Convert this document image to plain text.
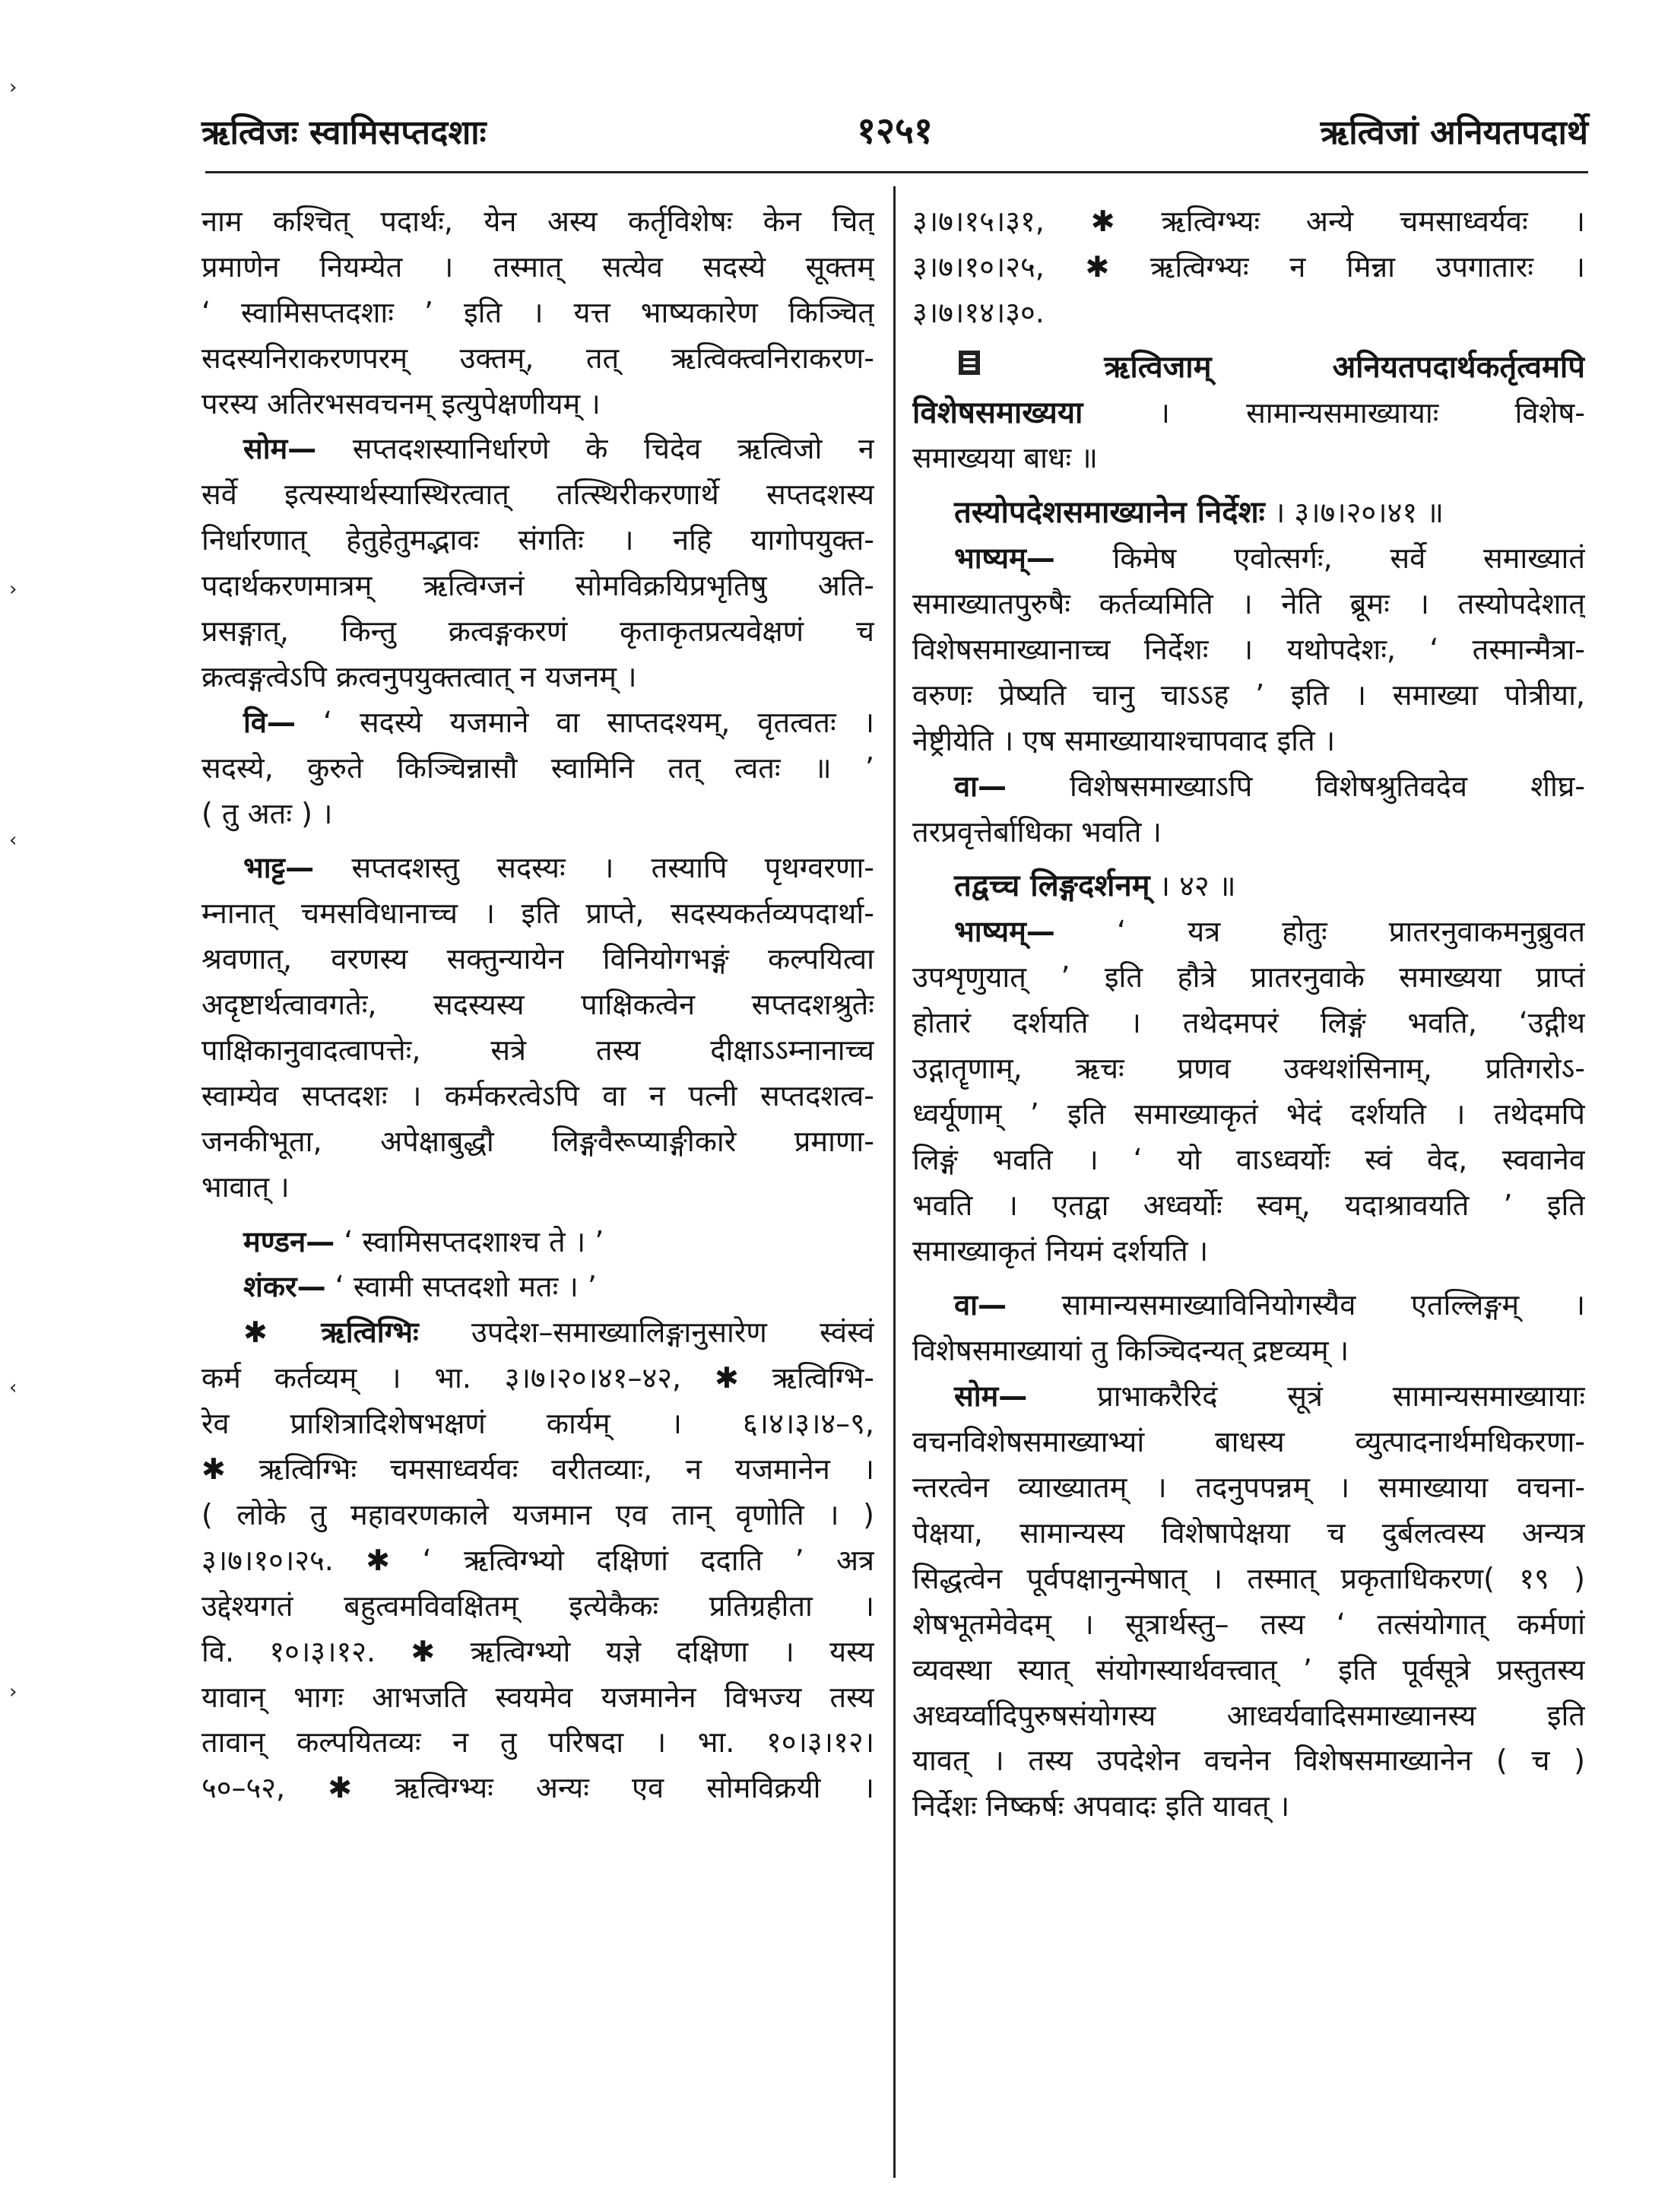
ऋत्विजः स्वामिसप्तदशाः	१२५१	ऋत्विजां अनियतपदार्थे
›
›
‹
‹
›
नाम कश्चित् पदार्थः, येन अस्य कर्तृविशेषः केन चित्
प्रमाणेन नियम्येत । तस्मात् सत्येव सदस्ये सूक्तम्
‘ स्वामिसप्तदशाः ’ इति । यत्त भाष्यकारेण किञ्चित्
सदस्यनिराकरणपरम् उक्तम्, तत् ऋत्विक्त्वनिराकरण-
परस्य अतिरभसवचनम् इत्युपेक्षणीयम् ।
सोम— सप्तदशस्यानिर्धारणे के चिदेव ऋत्विजो न
सर्वे इत्यस्यार्थस्यास्थिरत्वात् तत्स्थिरीकरणार्थे सप्तदशस्य
निर्धारणात् हेतुहेतुमद्भावः संगतिः । नहि यागोपयुक्त-
पदार्थकरणमात्रम् ऋत्विग्जनं सोमविक्रयिप्रभृतिषु अति-
प्रसङ्गात्, किन्तु क्रत्वङ्गकरणं कृताकृतप्रत्यवेक्षणं च
क्रत्वङ्गत्वेऽपि क्रत्वनुपयुक्तत्वात् न यजनम् ।
वि— ‘ सदस्ये यजमाने वा साप्तदश्यम्, वृतत्वतः ।
सदस्ये, कुरुते किञ्चिन्नासौ स्वामिनि तत् त्वतः ॥ ’
( तु अतः ) ।
भाट्ट— सप्तदशस्तु सदस्यः । तस्यापि पृथग्वरणा-
म्नानात् चमसविधानाच्च । इति प्राप्ते, सदस्यकर्तव्यपदार्था-
श्रवणात्, वरणस्य सक्तुन्यायेन विनियोगभङ्गं कल्पयित्वा
अदृष्टार्थत्वावगतेः, सदस्यस्य पाक्षिकत्वेन सप्तदशश्रुतेः
पाक्षिकानुवादत्वापत्तेः, सत्रे तस्य दीक्षाऽऽम्नानाच्च
स्वाम्येव सप्तदशः । कर्मकरत्वेऽपि वा न पत्नी सप्तदशत्व-
जनकीभूता, अपेक्षाबुद्धौ लिङ्गवैरूप्याङ्गीकारे प्रमाणा-
भावात् ।
मण्डन— ‘ स्वामिसप्तदशाश्च ते । ’
शंकर— ‘ स्वामी सप्तदशो मतः । ’
✱ ऋत्विग्भिः उपदेश–समाख्यालिङ्गानुसारेण स्वंस्वं
कर्म कर्तव्यम् । भा. ३।७।२०।४१–४२, ✱ ऋत्विग्भि-
रेव प्राशित्रादिशेषभक्षणं कार्यम् । ६।४।३।४–९,
✱ ऋत्विग्भिः चमसाध्वर्यवः वरीतव्याः, न यजमानेन ।
( लोके तु महावरणकाले यजमान एव तान् वृणोति । )
३।७।१०।२५. ✱ ‘ ऋत्विग्भ्यो दक्षिणां ददाति ’ अत्र
उद्देश्यगतं बहुत्वमविवक्षितम् इत्येकैकः प्रतिग्रहीता ।
वि. १०।३।१२. ✱ ऋत्विग्भ्यो यज्ञे दक्षिणा । यस्य
यावान् भागः आभजति स्वयमेव यजमानेन विभज्य तस्य
तावान् कल्पयितव्यः न तु परिषदा । भा. १०।३।१२।
५०–५२, ✱ ऋत्विग्भ्यः अन्यः एव सोमविक्रयी ।
३।७।१५।३१, ✱ ऋत्विग्भ्यः अन्ये चमसाध्वर्यवः ।
३।७।१०।२५, ✱ ऋत्विग्भ्यः न मिन्ना उपगातारः ।
३।७।१४।३०.
ऋत्विजाम् अनियतपदार्थकर्तृत्वमपि
विशेषसमाख्यया । सामान्यसमाख्यायाः विशेष-
समाख्यया बाधः ॥
तस्योपदेशसमाख्यानेन निर्देशः । ३।७।२०।४१ ॥
भाष्यम्— किमेष एवोत्सर्गः, सर्वे समाख्यातं
समाख्यातपुरुषैः कर्तव्यमिति । नेति ब्रूमः । तस्योपदेशात्
विशेषसमाख्यानाच्च निर्देशः । यथोपदेशः, ‘ तस्मान्मैत्रा-
वरुणः प्रेष्यति चानु चाऽऽह ’ इति । समाख्या पोत्रीया,
नेष्ट्रीयेति । एष समाख्यायाश्चापवाद इति ।
वा— विशेषसमाख्याऽपि विशेषश्रुतिवदेव शीघ्र-
तरप्रवृत्तेर्बाधिका भवति ।
तद्वच्च लिङ्गदर्शनम् । ४२ ॥
भाष्यम्— ‘ यत्र होतुः प्रातरनुवाकमनुब्रुवत
उपशृणुयात् ’ इति हौत्रे प्रातरनुवाके समाख्यया प्राप्तं
होतारं दर्शयति । तथेदमपरं लिङ्गं भवति, ‘उद्गीथ
उद्गातॄणाम्, ऋचः प्रणव उक्थशंसिनाम्, प्रतिगरोऽ-
ध्वर्यूणाम् ’ इति समाख्याकृतं भेदं दर्शयति । तथेदमपि
लिङ्गं भवति । ‘ यो वाऽध्वर्योः स्वं वेद, स्ववानेव
भवति । एतद्वा अध्वर्योः स्वम्, यदाश्रावयति ’ इति
समाख्याकृतं नियमं दर्शयति ।
वा— सामान्यसमाख्याविनियोगस्यैव एतल्लिङ्गम् ।
विशेषसमाख्यायां तु किञ्चिदन्यत् द्रष्टव्यम् ।
सोम— प्राभाकरैरिदं सूत्रं सामान्यसमाख्यायाः
वचनविशेषसमाख्याभ्यां बाधस्य व्युत्पादनार्थमधिकरणा-
न्तरत्वेन व्याख्यातम् । तदनुपपन्नम् । समाख्याया वचना-
पेक्षया, सामान्यस्य विशेषापेक्षया च दुर्बलत्वस्य अन्यत्र
सिद्धत्वेन पूर्वपक्षानुन्मेषात् । तस्मात् प्रकृताधिकरण( १९ )
शेषभूतमेवेदम् । सूत्रार्थस्तु– तस्य ‘ तत्संयोगात् कर्मणां
व्यवस्था स्यात् संयोगस्यार्थवत्त्वात् ’ इति पूर्वसूत्रे प्रस्तुतस्य
अध्वर्य्वादिपुरुषसंयोगस्य आध्वर्यवादिसमाख्यानस्य इति
यावत् । तस्य उपदेशेन वचनेन विशेषसमाख्यानेन ( च )
निर्देशः निष्कर्षः अपवादः इति यावत् ।
